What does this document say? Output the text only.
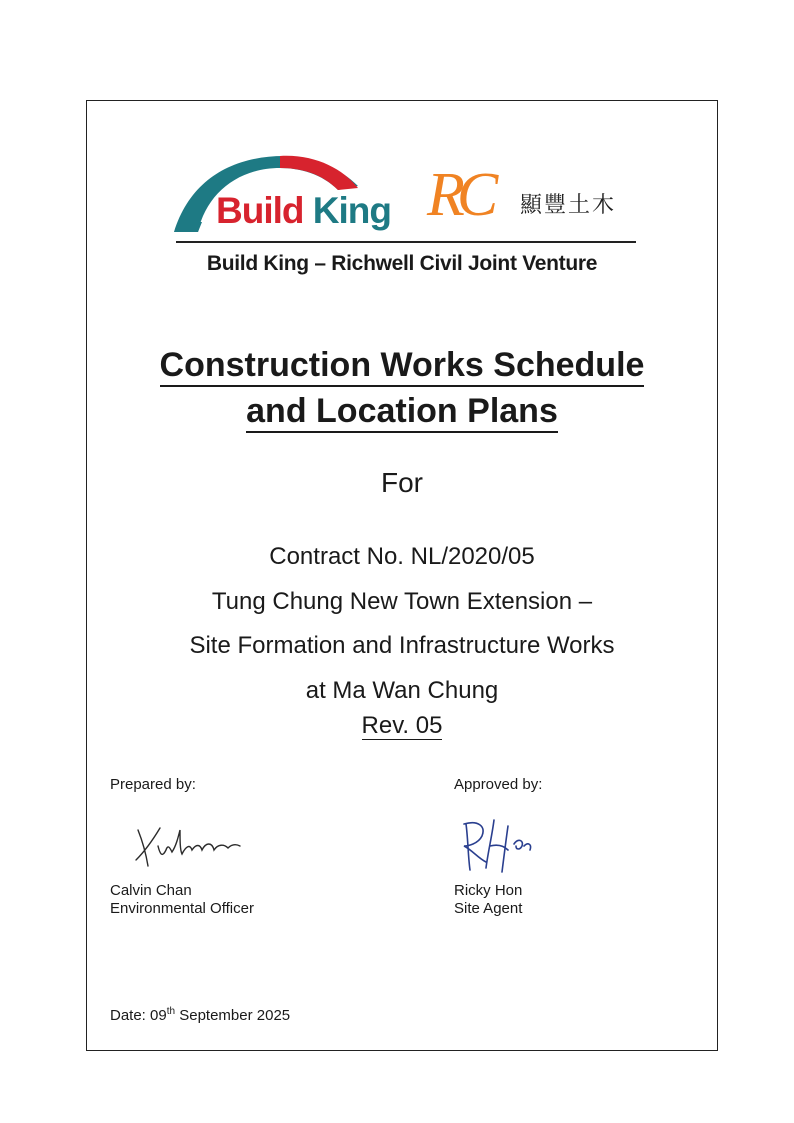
Build King RC 顯豐土木
Build King – Richwell Civil Joint Venture
Construction Works Schedule
and Location Plans
For
Contract No. NL/2020/05
Tung Chung New Town Extension –
Site Formation and Infrastructure Works
at Ma Wan Chung
Rev. 05
Prepared by:	Approved by:
Calvin Chan
Environmental Officer
Ricky Hon
Site Agent
Date: 09th September 2025
